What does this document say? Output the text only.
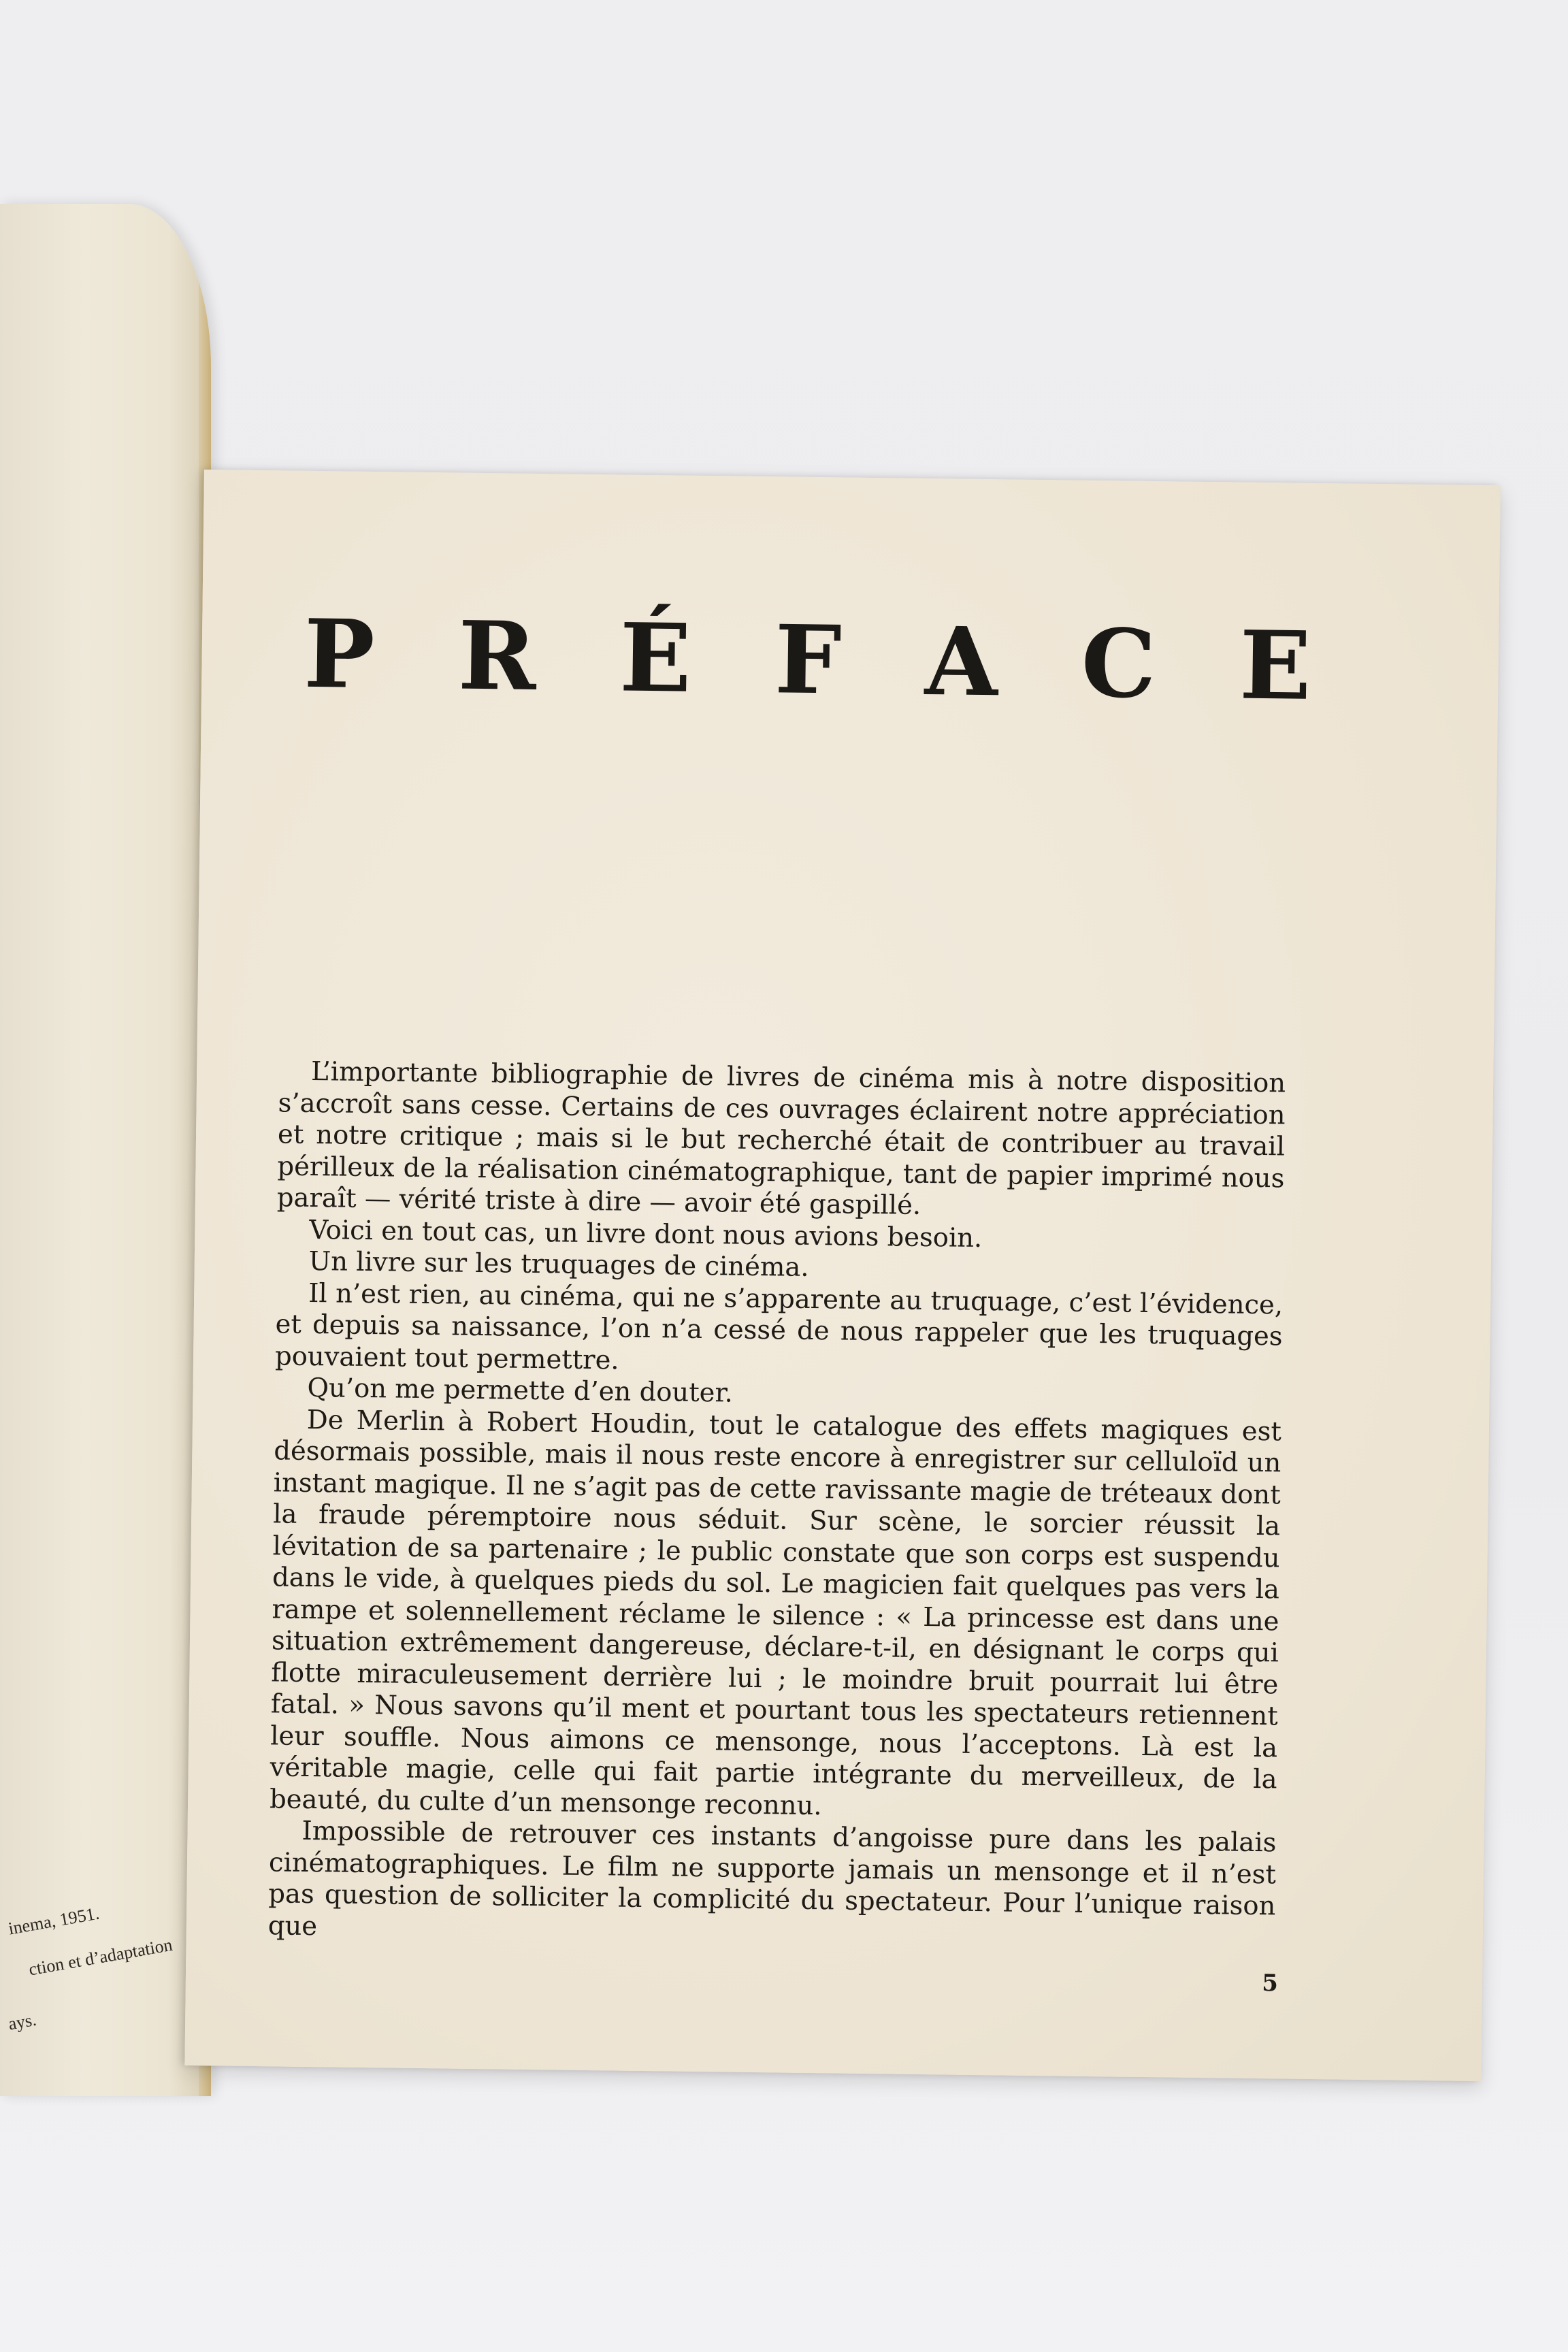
inema, 1951.
ction et d’adaptation
ays.
P R É F A C E

L’importante bibliographie de livres de cinéma mis à notre disposition s’accroît sans cesse. Certains de ces ouvrages éclairent notre appréciation et notre critique ; mais si le but recherché était de contribuer au travail périlleux de la réalisation cinématographique, tant de papier imprimé nous paraît — vérité triste à dire — avoir été gaspillé.

Voici en tout cas, un livre dont nous avions besoin.

Un livre sur les truquages de cinéma.

Il n’est rien, au cinéma, qui ne s’apparente au truquage, c’est l’évidence, et depuis sa naissance, l’on n’a cessé de nous rappeler que les truquages pouvaient tout permettre.

Qu’on me permette d’en douter.

De Merlin à Robert Houdin, tout le catalogue des effets magiques est désormais possible, mais il nous reste encore à enregistrer sur celluloïd un instant magique. Il ne s’agit pas de cette ravissante magie de tréteaux dont la fraude péremptoire nous séduit. Sur scène, le sorcier réussit la lévitation de sa partenaire ; le public constate que son corps est suspendu dans le vide, à quelques pieds du sol. Le magicien fait quelques pas vers la rampe et solennellement réclame le silence : « La princesse est dans une situation extrêmement dangereuse, déclare-t-il, en désignant le corps qui flotte miraculeusement derrière lui ; le moindre bruit pourrait lui être fatal. » Nous savons qu’il ment et pourtant tous les spectateurs retiennent leur souffle. Nous aimons ce mensonge, nous l’acceptons. Là est la véritable magie, celle qui fait partie intégrante du merveilleux, de la beauté, du culte d’un mensonge reconnu.

Impossible de retrouver ces instants d’angoisse pure dans les palais cinématographiques. Le film ne supporte jamais un mensonge et il n’est pas question de solliciter la complicité du spectateur. Pour l’unique raison que

5
